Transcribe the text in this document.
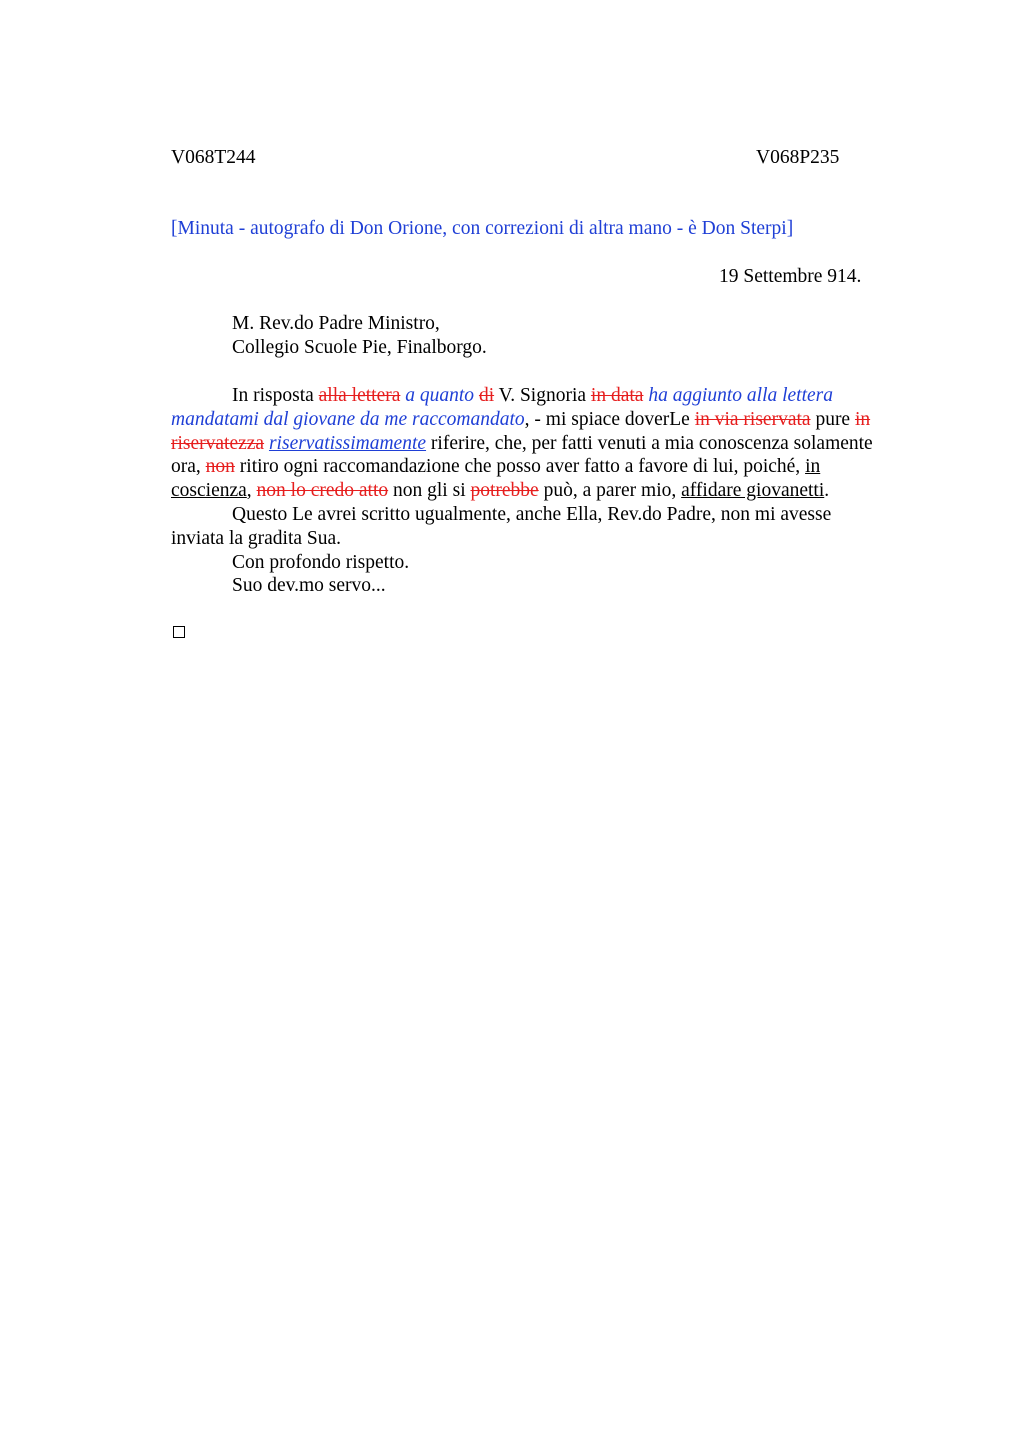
V068T244	V068P235
[Minuta - autografo di Don Orione, con correzioni di altra mano - è Don Sterpi]
19 Settembre 914.
M. Rev.do Padre Ministro,
Collegio Scuole Pie, Finalborgo.
In risposta alla lettera a quanto di V. Signoria in data ha aggiunto alla lettera
mandatami dal giovane da me raccomandato, - mi spiace doverLe in via riservata pure in
riservatezza riservatissimamente riferire, che, per fatti venuti a mia conoscenza solamente
ora, non ritiro ogni raccomandazione che posso aver fatto a favore di lui, poiché, in
coscienza, non lo credo atto non gli si potrebbe può, a parer mio, affidare giovanetti.
Questo Le avrei scritto ugualmente, anche Ella, Rev.do Padre, non mi avesse
inviata la gradita Sua.
Con profondo rispetto.
Suo dev.mo servo...
